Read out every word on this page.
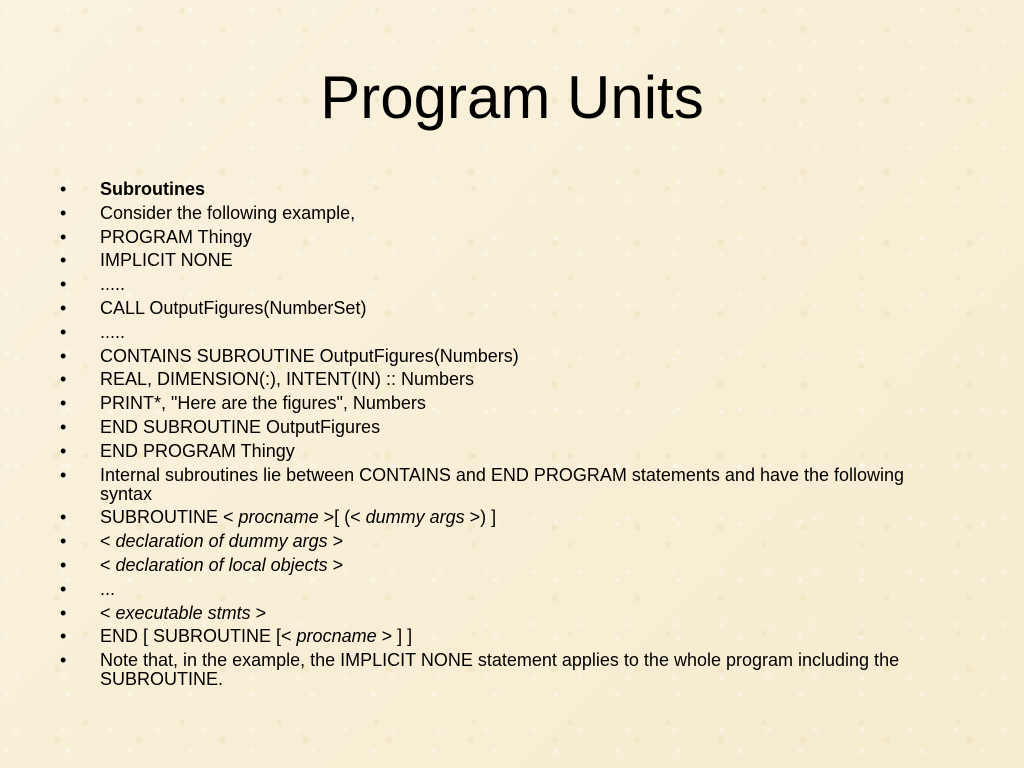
Program Units
• Subroutines
• Consider the following example,
• PROGRAM Thingy
• IMPLICIT NONE
• .....
• CALL OutputFigures(NumberSet)
• .....
• CONTAINS SUBROUTINE OutputFigures(Numbers)
• REAL, DIMENSION(:), INTENT(IN) :: Numbers
• PRINT*, "Here are the figures", Numbers
• END SUBROUTINE OutputFigures
• END PROGRAM Thingy
• Internal subroutines lie between CONTAINS and END PROGRAM statements and have the following syntax
• SUBROUTINE < procname >[ (< dummy args >) ]
• < declaration of dummy args >
• < declaration of local objects >
• ...
• < executable stmts >
• END [ SUBROUTINE [< procname > ] ]
• Note that, in the example, the IMPLICIT NONE statement applies to the whole program including the SUBROUTINE.
